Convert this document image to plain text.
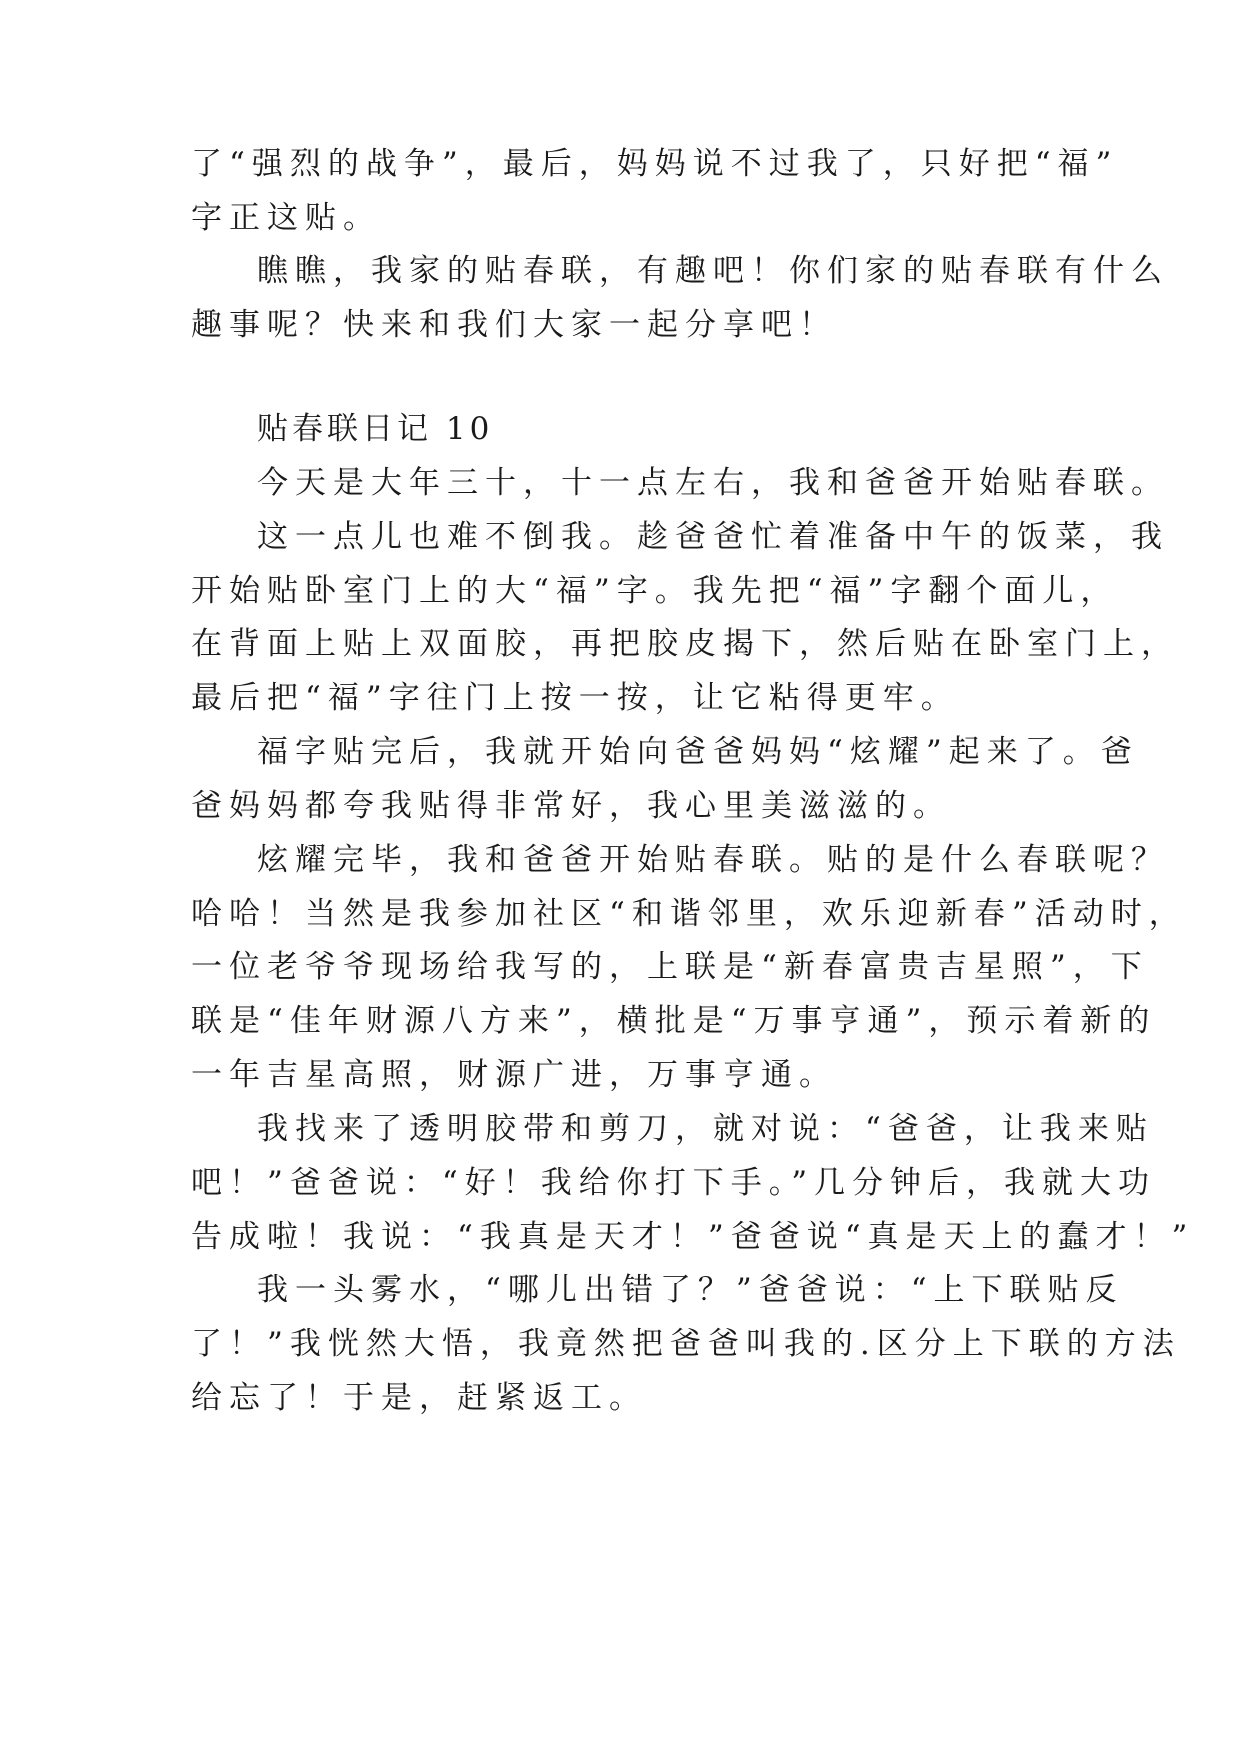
了“强烈的战争”，最后，妈妈说不过我了，只好把“福”
字正这贴。
瞧瞧，我家的贴春联，有趣吧！你们家的贴春联有什么
趣事呢？快来和我们大家一起分享吧！
贴春联日记 10
今天是大年三十，十一点左右，我和爸爸开始贴春联。
这一点儿也难不倒我。趁爸爸忙着准备中午的饭菜，我
开始贴卧室门上的大“福”字。我先把“福”字翻个面儿，
在背面上贴上双面胶，再把胶皮揭下，然后贴在卧室门上，
最后把“福”字往门上按一按，让它粘得更牢。
福字贴完后，我就开始向爸爸妈妈“炫耀”起来了。爸
爸妈妈都夸我贴得非常好，我心里美滋滋的。
炫耀完毕，我和爸爸开始贴春联。贴的是什么春联呢？
哈哈！当然是我参加社区“和谐邻里，欢乐迎新春”活动时，
一位老爷爷现场给我写的，上联是“新春富贵吉星照”，下
联是“佳年财源八方来”，横批是“万事亨通”，预示着新的
一年吉星高照，财源广进，万事亨通。
我找来了透明胶带和剪刀，就对说：“爸爸，让我来贴
吧！”爸爸说：“好！我给你打下手。”几分钟后，我就大功
告成啦！我说：“我真是天才！”爸爸说“真是天上的蠢才！”
我一头雾水，“哪儿出错了？”爸爸说：“上下联贴反
了！”我恍然大悟，我竟然把爸爸叫我的.区分上下联的方法
给忘了！于是，赶紧返工。
